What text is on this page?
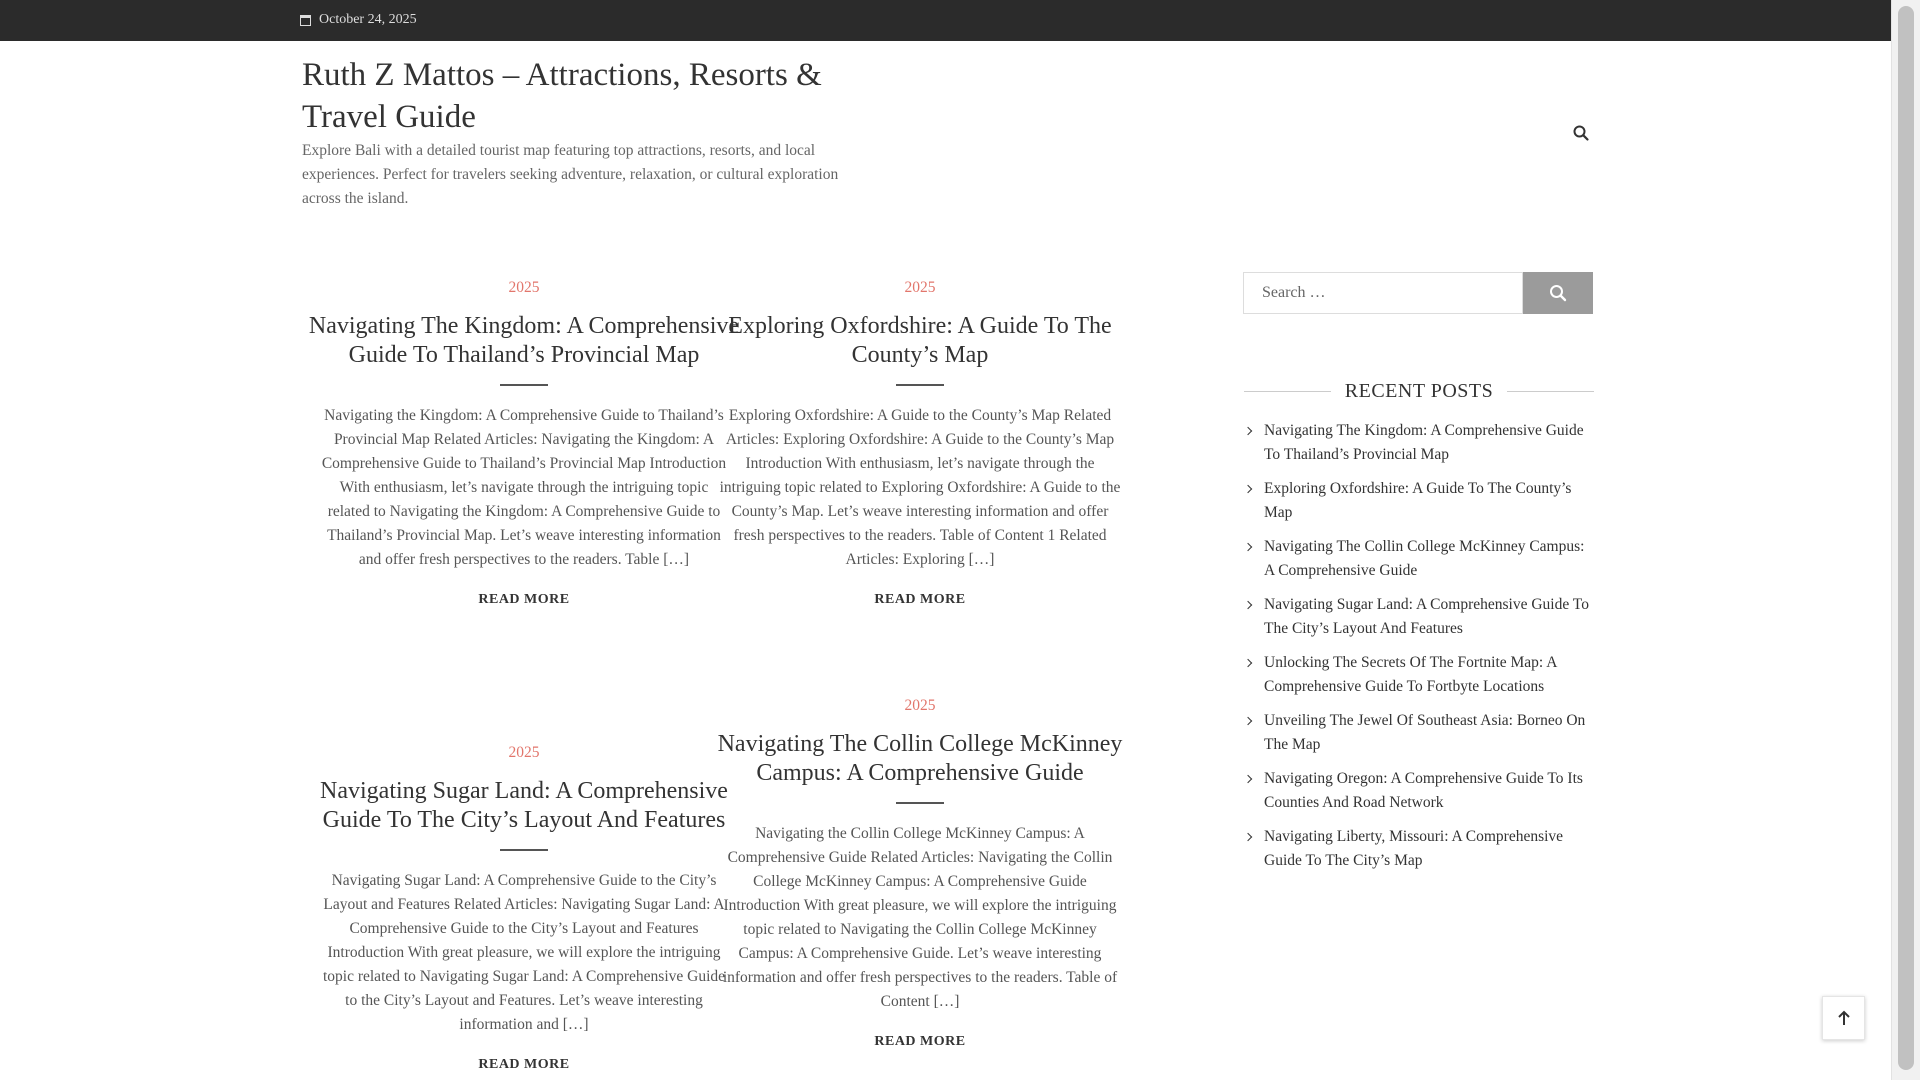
October 24, 2025
Ruth Z Mattos – Attractions, Resorts & Travel Guide

Explore Bali with a detailed tourist map featuring top attractions, resorts, and local experiences. Perfect for travelers seeking adventure, relaxation, or cultural exploration across the island.

2025
Navigating The Kingdom: A Comprehensive Guide To Thailand’s Provincial Map

Navigating the Kingdom: A Comprehensive Guide to Thailand’s Provincial Map Related Articles: Navigating the Kingdom: A Comprehensive Guide to Thailand’s Provincial Map Introduction With enthusiasm, let’s navigate through the intriguing topic related to Navigating the Kingdom: A Comprehensive Guide to Thailand’s Provincial Map. Let’s weave interesting information and offer fresh perspectives to the readers. Table […]

READ MORE
2025
Exploring Oxfordshire: A Guide To The County’s Map

Exploring Oxfordshire: A Guide to the County’s Map Related Articles: Exploring Oxfordshire: A Guide to the County’s Map Introduction With enthusiasm, let’s navigate through the intriguing topic related to Exploring Oxfordshire: A Guide to the County’s Map. Let’s weave interesting information and offer fresh perspectives to the readers. Table of Content 1 Related Articles: Exploring […]

READ MORE
2025
Navigating Sugar Land: A Comprehensive Guide To The City’s Layout And Features

Navigating Sugar Land: A Comprehensive Guide to the City’s Layout and Features Related Articles: Navigating Sugar Land: A Comprehensive Guide to the City’s Layout and Features Introduction With great pleasure, we will explore the intriguing topic related to Navigating Sugar Land: A Comprehensive Guide to the City’s Layout and Features. Let’s weave interesting information and […]

READ MORE
2025
Navigating The Collin College McKinney Campus: A Comprehensive Guide

Navigating the Collin College McKinney Campus: A Comprehensive Guide Related Articles: Navigating the Collin College McKinney Campus: A Comprehensive Guide Introduction With great pleasure, we will explore the intriguing topic related to Navigating the Collin College McKinney Campus: A Comprehensive Guide. Let’s weave interesting information and offer fresh perspectives to the readers. Table of Content […]

READ MORE
Search …
RECENT POSTS
Navigating The Kingdom: A Comprehensive Guide To Thailand’s Provincial Map
Exploring Oxfordshire: A Guide To The County’s Map
Navigating The Collin College McKinney Campus: A Comprehensive Guide
Navigating Sugar Land: A Comprehensive Guide To The City’s Layout And Features
Unlocking The Secrets Of The Fortnite Map: A Comprehensive Guide To Fortbyte Locations
Unveiling The Jewel Of Southeast Asia: Borneo On The Map
Navigating Oregon: A Comprehensive Guide To Its Counties And Road Network
Navigating Liberty, Missouri: A Comprehensive Guide To The City’s Map
